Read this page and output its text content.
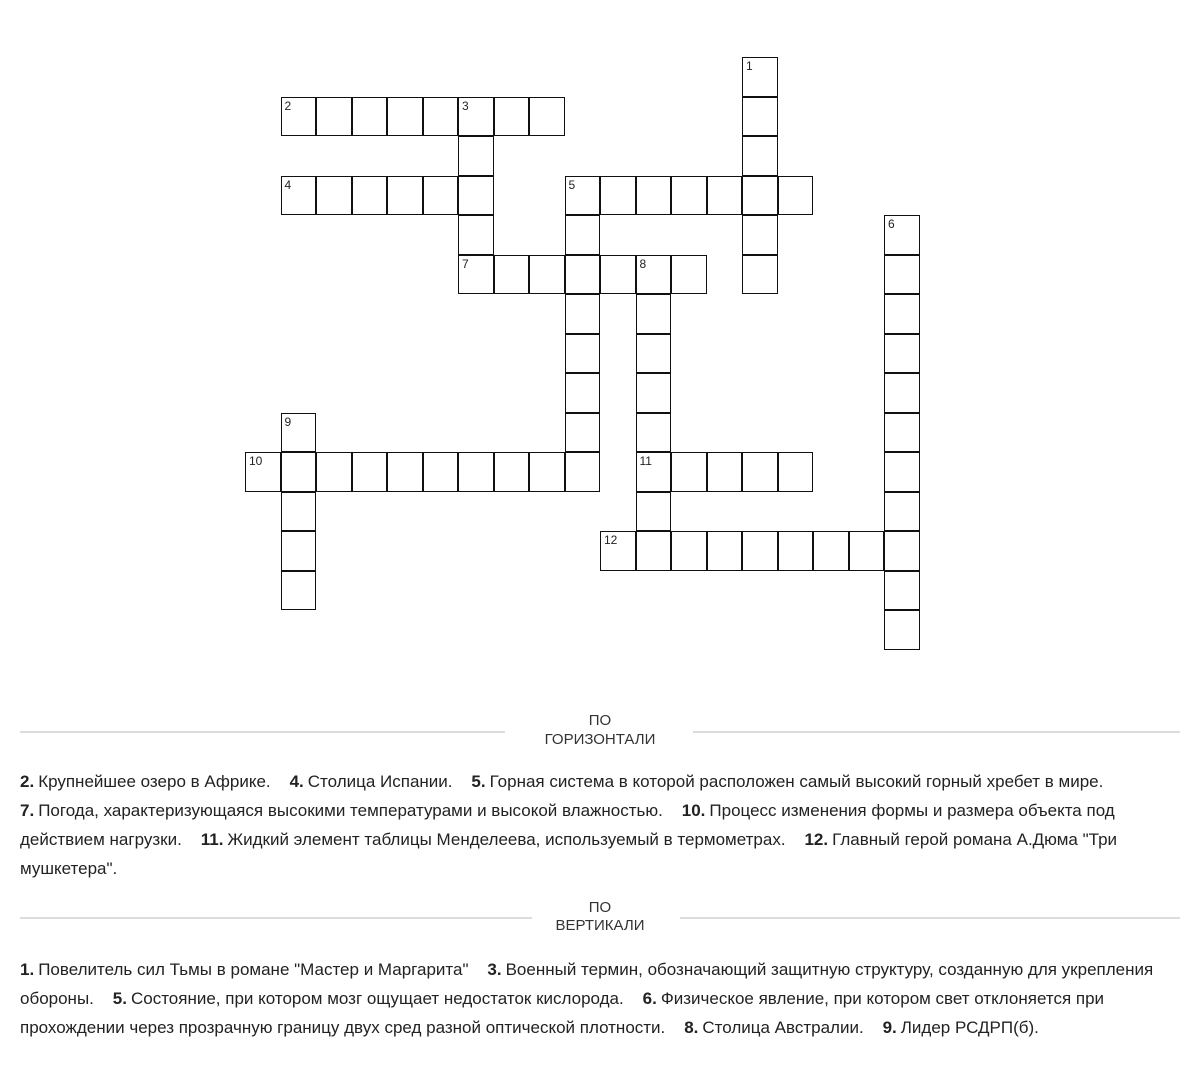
2	3
4	5
7	8
10	11
12
1
6
9
ПО
ГОРИЗОНТАЛИ
2. Крупнейшее озеро в Африке. 4. Столица Испании. 5. Горная система в которой расположен самый высокий горный хребет в мире.    7. Погода, характеризующаяся высокими температурами и высокой влажностью. 10. Процесс изменения формы и размера объекта под действием нагрузки. 11. Жидкий элемент таблицы Менделеева, используемый в термометрах. 12. Главный герой романа А.Дюма "Три мушкетера".
ПО
ВЕРТИКАЛИ
1. Повелитель сил Тьмы в романе "Мастер и Маргарита" 3. Военный термин, обозначающий защитную структуру, созданную для укрепления обороны. 5. Состояние, при котором мозг ощущает недостаток кислорода. 6. Физическое явление, при котором свет отклоняется при прохождении через прозрачную границу двух сред разной оптической плотности. 8. Столица Австралии. 9. Лидер РСДРП(б).
